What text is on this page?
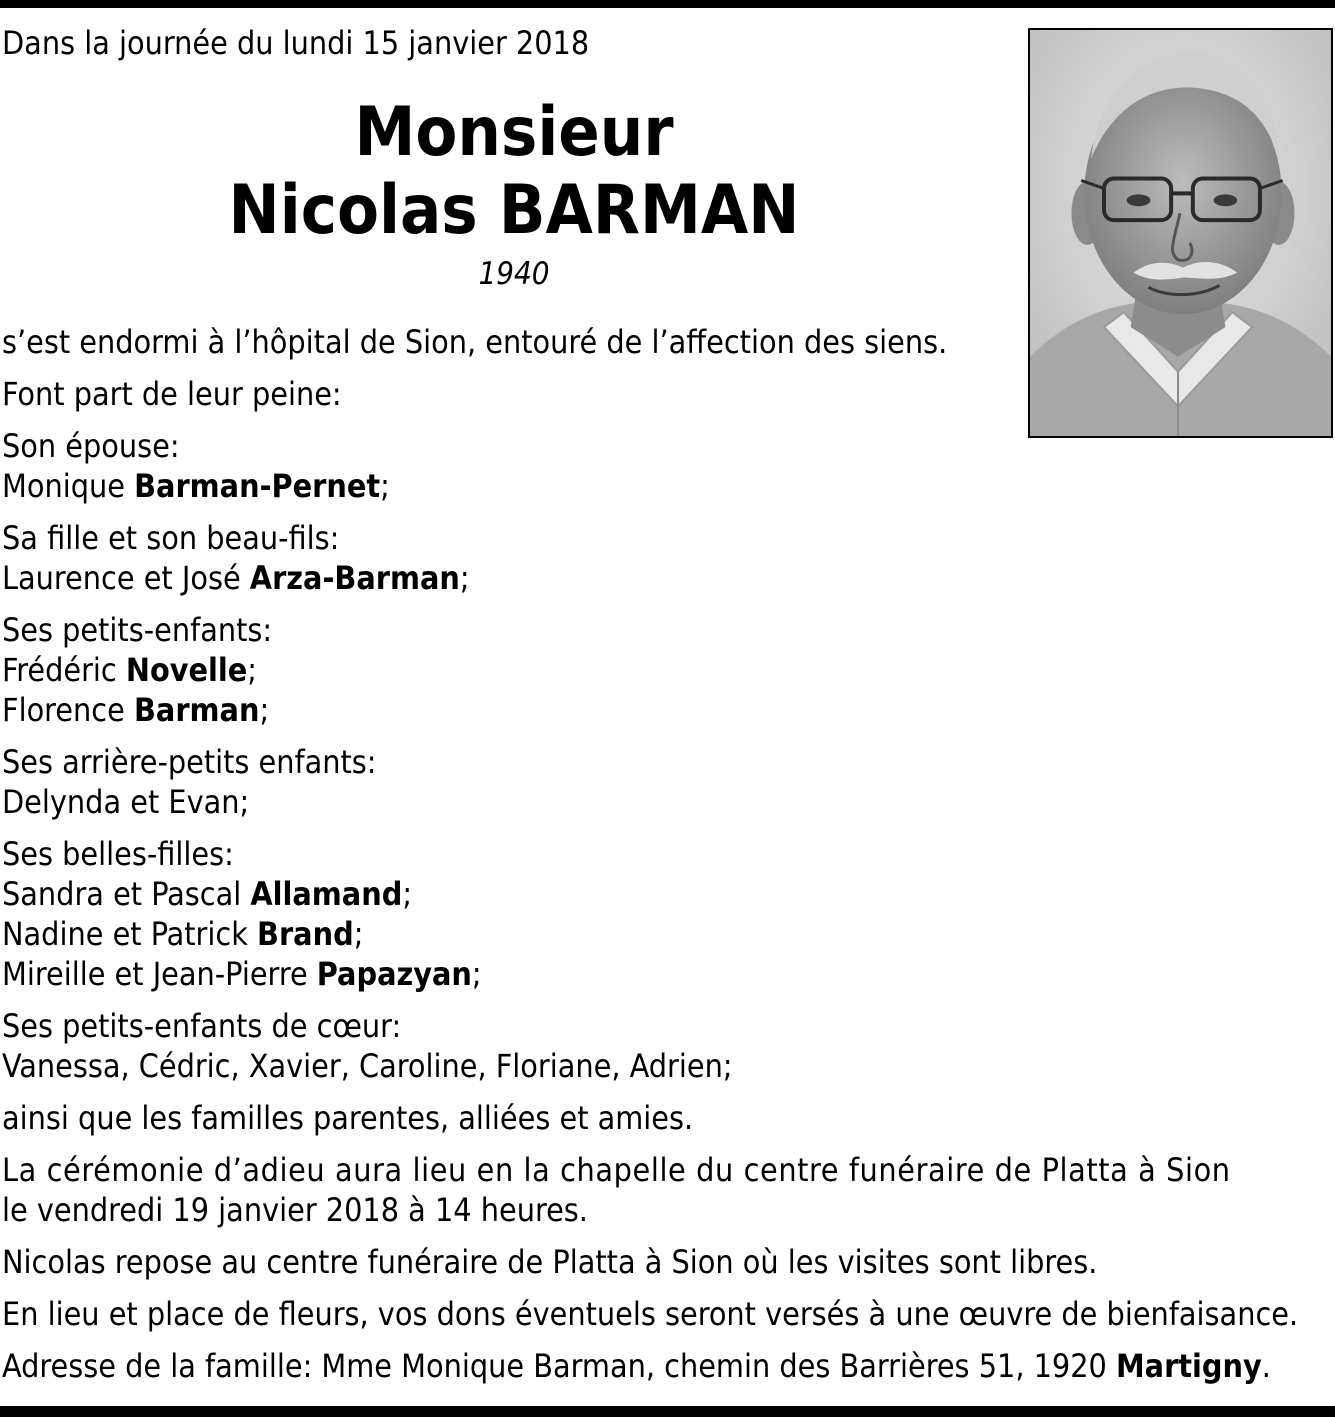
Dans la journée du lundi 15 janvier 2018
Monsieur
Nicolas BARMAN
1940

s’est endormi à l’hôpital de Sion, entouré de l’affection des siens.

Font part de leur peine:

Son épouse:
Monique Barman-Pernet;

Sa fille et son beau-fils:
Laurence et José Arza-Barman;

Ses petits-enfants:
Frédéric Novelle;
Florence Barman;

Ses arrière-petits enfants:
Delynda et Evan;

Ses belles-filles:
Sandra et Pascal Allamand;
Nadine et Patrick Brand;
Mireille et Jean-Pierre Papazyan;

Ses petits-enfants de cœur:
Vanessa, Cédric, Xavier, Caroline, Floriane, Adrien;

ainsi que les familles parentes, alliées et amies.

La cérémonie d’adieu aura lieu en la chapelle du centre funéraire de Platta à Sion
le vendredi 19 janvier 2018 à 14 heures.

Nicolas repose au centre funéraire de Platta à Sion où les visites sont libres.

En lieu et place de fleurs, vos dons éventuels seront versés à une œuvre de bienfaisance.

Adresse de la famille: Mme Monique Barman, chemin des Barrières 51, 1920 Martigny.
